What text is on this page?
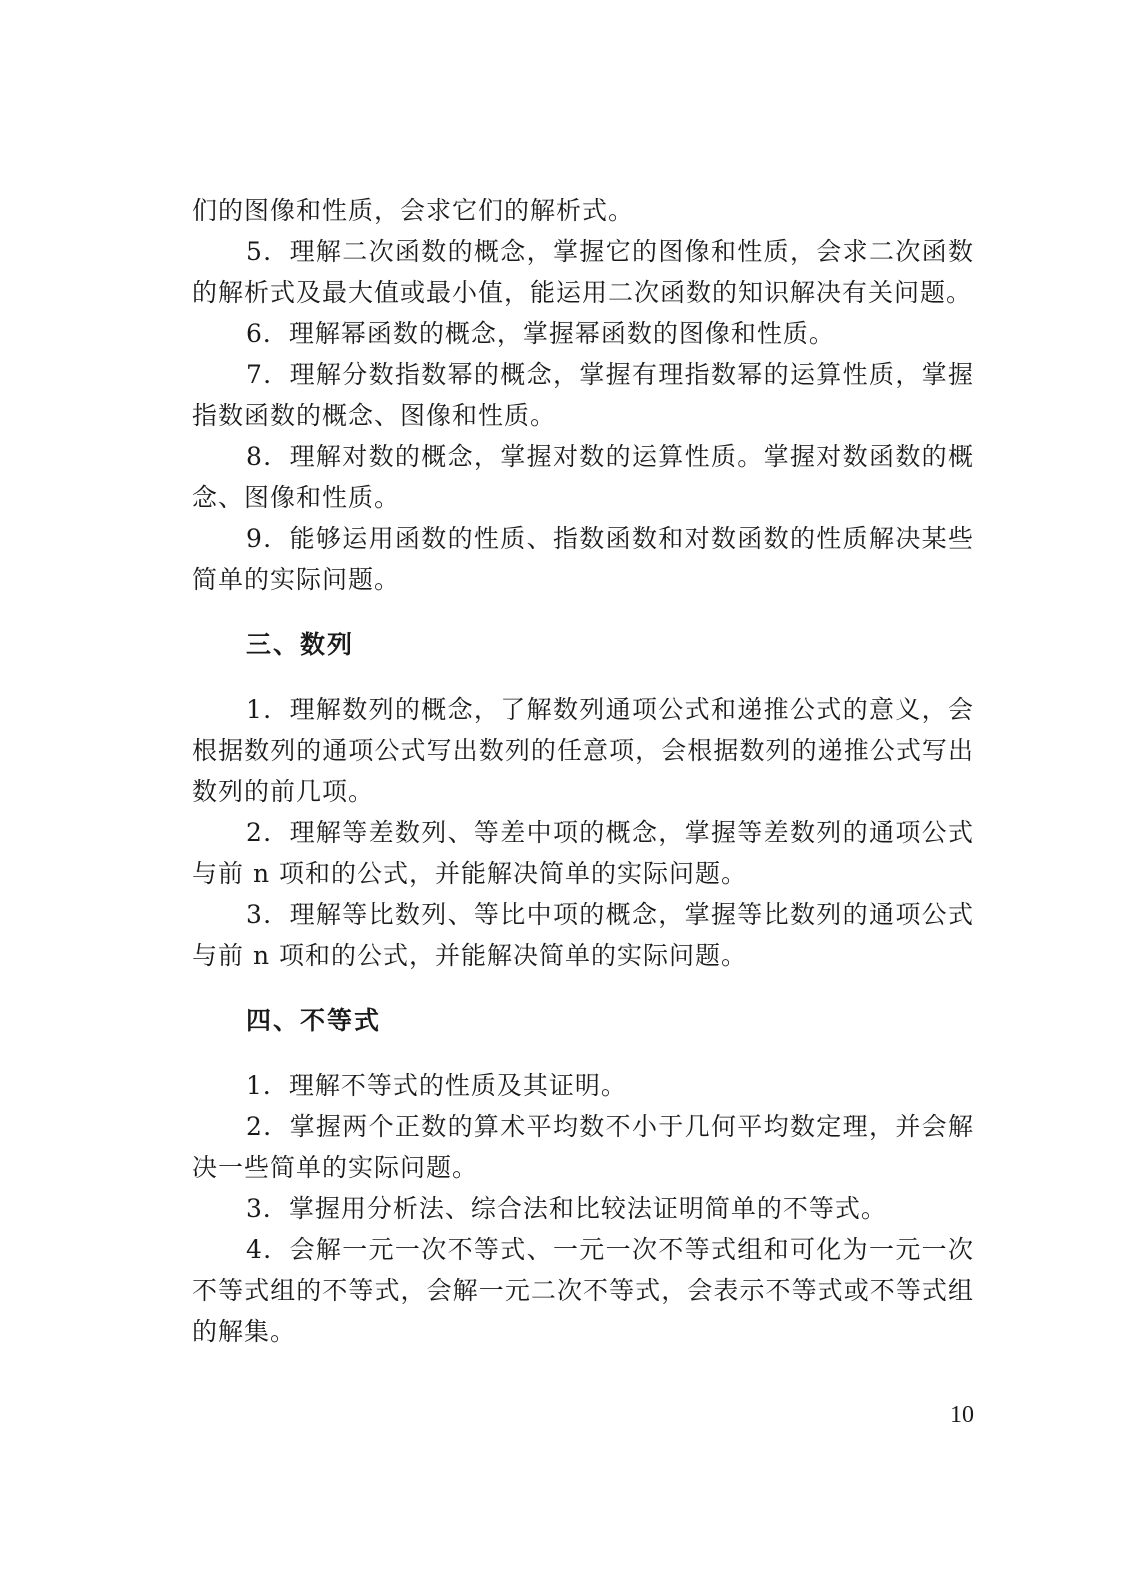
们的图像和性质，会求它们的解析式。

5．理解二次函数的概念，掌握它的图像和性质，会求二次函数的解析式及最大值或最小值，能运用二次函数的知识解决有关问题。

6．理解幂函数的概念，掌握幂函数的图像和性质。

7．理解分数指数幂的概念，掌握有理指数幂的运算性质，掌握指数函数的概念、图像和性质。

8．理解对数的概念，掌握对数的运算性质。掌握对数函数的概念、图像和性质。

9．能够运用函数的性质、指数函数和对数函数的性质解决某些简单的实际问题。

三、数列

1．理解数列的概念，了解数列通项公式和递推公式的意义，会根据数列的通项公式写出数列的任意项，会根据数列的递推公式写出数列的前几项。

2．理解等差数列、等差中项的概念，掌握等差数列的通项公式与前 n 项和的公式，并能解决简单的实际问题。

3．理解等比数列、等比中项的概念，掌握等比数列的通项公式与前 n 项和的公式，并能解决简单的实际问题。

四、不等式

1．理解不等式的性质及其证明。

2．掌握两个正数的算术平均数不小于几何平均数定理，并会解决一些简单的实际问题。

3．掌握用分析法、综合法和比较法证明简单的不等式。

4．会解一元一次不等式、一元一次不等式组和可化为一元一次不等式组的不等式，会解一元二次不等式，会表示不等式或不等式组的解集。

10
